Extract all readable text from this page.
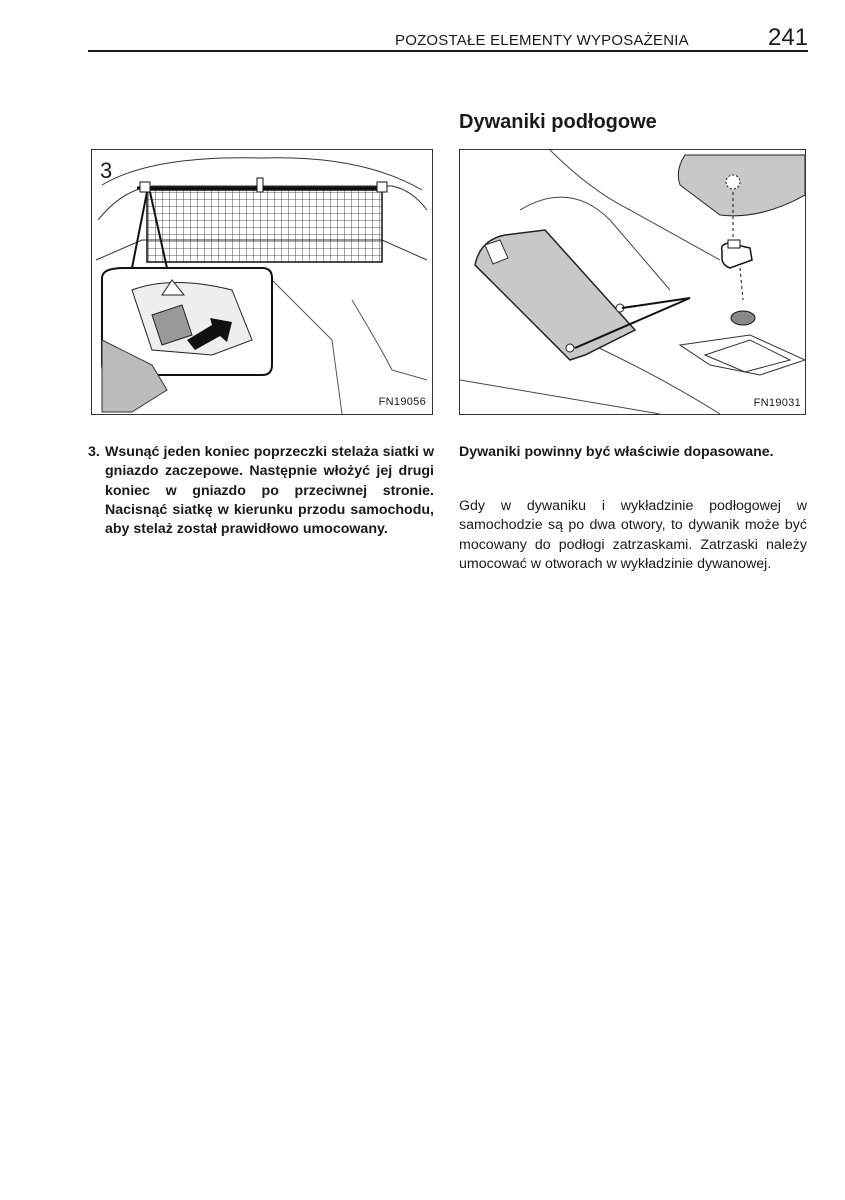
POZOSTAŁE ELEMENTY WYPOSAŻENIA	241
Dywaniki podłogowe
3
FN19056	FN19031
3. Wsunąć jeden koniec poprzeczki stelaża siatki w gniazdo zaczepowe. Następnie włożyć jej drugi koniec w gniazdo po przeciwnej stronie. Nacisnąć siatkę w kierunku przodu samochodu, aby stelaż został prawidłowo umocowany.
Dywaniki powinny być właściwie dopasowane.
Gdy w dywaniku i wykładzinie podłogowej w samochodzie są po dwa otwory, to dywanik może być mocowany do podłogi zatrzaskami. Zatrzaski należy umocować w otworach w wykładzinie dywanowej.
